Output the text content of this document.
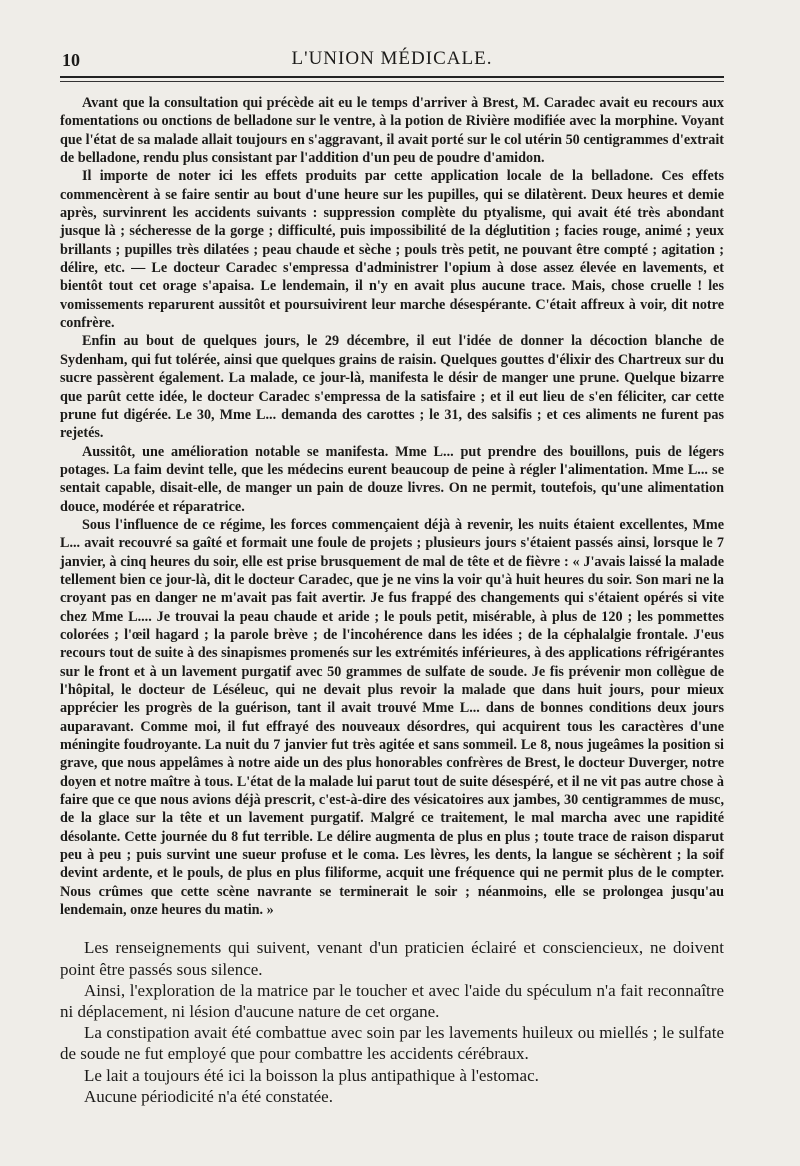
10	L'UNION MÉDICALE.

Avant que la consultation qui précède ait eu le temps d'arriver à Brest, M. Caradec avait eu recours aux fomentations ou onctions de belladone sur le ventre, à la potion de Rivière modifiée avec la morphine. Voyant que l'état de sa malade allait toujours en s'aggravant, il avait porté sur le col utérin 50 centigrammes d'extrait de belladone, rendu plus consistant par l'addition d'un peu de poudre d'amidon.

Il importe de noter ici les effets produits par cette application locale de la belladone. Ces effets commencèrent à se faire sentir au bout d'une heure sur les pupilles, qui se dilatèrent. Deux heures et demie après, survinrent les accidents suivants : suppression complète du ptyalisme, qui avait été très abondant jusque là ; sécheresse de la gorge ; difficulté, puis impossibilité de la déglutition ; facies rouge, animé ; yeux brillants ; pupilles très dilatées ; peau chaude et sèche ; pouls très petit, ne pouvant être compté ; agitation ; délire, etc. — Le docteur Caradec s'empressa d'administrer l'opium à dose assez élevée en lavements, et bientôt tout cet orage s'apaisa. Le lendemain, il n'y en avait plus aucune trace. Mais, chose cruelle ! les vomissements reparurent aussitôt et poursuivirent leur marche désespérante. C'était affreux à voir, dit notre confrère.

Enfin au bout de quelques jours, le 29 décembre, il eut l'idée de donner la décoction blanche de Sydenham, qui fut tolérée, ainsi que quelques grains de raisin. Quelques gouttes d'élixir des Chartreux sur du sucre passèrent également. La malade, ce jour-là, manifesta le désir de manger une prune. Quelque bizarre que parût cette idée, le docteur Caradec s'empressa de la satisfaire ; et il eut lieu de s'en féliciter, car cette prune fut digérée. Le 30, Mme L... demanda des carottes ; le 31, des salsifis ; et ces aliments ne furent pas rejetés.

Aussitôt, une amélioration notable se manifesta. Mme L... put prendre des bouillons, puis de légers potages. La faim devint telle, que les médecins eurent beaucoup de peine à régler l'alimentation. Mme L... se sentait capable, disait-elle, de manger un pain de douze livres. On ne permit, toutefois, qu'une alimentation douce, modérée et réparatrice.

Sous l'influence de ce régime, les forces commençaient déjà à revenir, les nuits étaient excellentes, Mme L... avait recouvré sa gaîté et formait une foule de projets ; plusieurs jours s'étaient passés ainsi, lorsque le 7 janvier, à cinq heures du soir, elle est prise brusquement de mal de tête et de fièvre : « J'avais laissé la malade tellement bien ce jour-là, dit le docteur Caradec, que je ne vins la voir qu'à huit heures du soir. Son mari ne la croyant pas en danger ne m'avait pas fait avertir. Je fus frappé des changements qui s'étaient opérés si vite chez Mme L.... Je trouvai la peau chaude et aride ; le pouls petit, misérable, à plus de 120 ; les pommettes colorées ; l'œil hagard ; la parole brève ; de l'incohérence dans les idées ; de la céphalalgie frontale. J'eus recours tout de suite à des sinapismes promenés sur les extrémités inférieures, à des applications réfrigérantes sur le front et à un lavement purgatif avec 50 grammes de sulfate de soude. Je fis prévenir mon collègue de l'hôpital, le docteur de Léséleuc, qui ne devait plus revoir la malade que dans huit jours, pour mieux apprécier les progrès de la guérison, tant il avait trouvé Mme L... dans de bonnes conditions deux jours auparavant. Comme moi, il fut effrayé des nouveaux désordres, qui acquirent tous les caractères d'une méningite foudroyante. La nuit du 7 janvier fut très agitée et sans sommeil. Le 8, nous jugeâmes la position si grave, que nous appelâmes à notre aide un des plus honorables confrères de Brest, le docteur Duverger, notre doyen et notre maître à tous. L'état de la malade lui parut tout de suite désespéré, et il ne vit pas autre chose à faire que ce que nous avions déjà prescrit, c'est-à-dire des vésicatoires aux jambes, 30 centigrammes de musc, de la glace sur la tête et un lavement purgatif. Malgré ce traitement, le mal marcha avec une rapidité désolante. Cette journée du 8 fut terrible. Le délire augmenta de plus en plus ; toute trace de raison disparut peu à peu ; puis survint une sueur profuse et le coma. Les lèvres, les dents, la langue se séchèrent ; la soif devint ardente, et le pouls, de plus en plus filiforme, acquit une fréquence qui ne permit plus de le compter. Nous crûmes que cette scène navrante se terminerait le soir ; néanmoins, elle se prolongea jusqu'au lendemain, onze heures du matin. »

Les renseignements qui suivent, venant d'un praticien éclairé et consciencieux, ne doivent point être passés sous silence.

Ainsi, l'exploration de la matrice par le toucher et avec l'aide du spéculum n'a fait reconnaître ni déplacement, ni lésion d'aucune nature de cet organe.

La constipation avait été combattue avec soin par les lavements huileux ou miellés ; le sulfate de soude ne fut employé que pour combattre les accidents cérébraux.

Le lait a toujours été ici la boisson la plus antipathique à l'estomac.

Aucune périodicité n'a été constatée.
